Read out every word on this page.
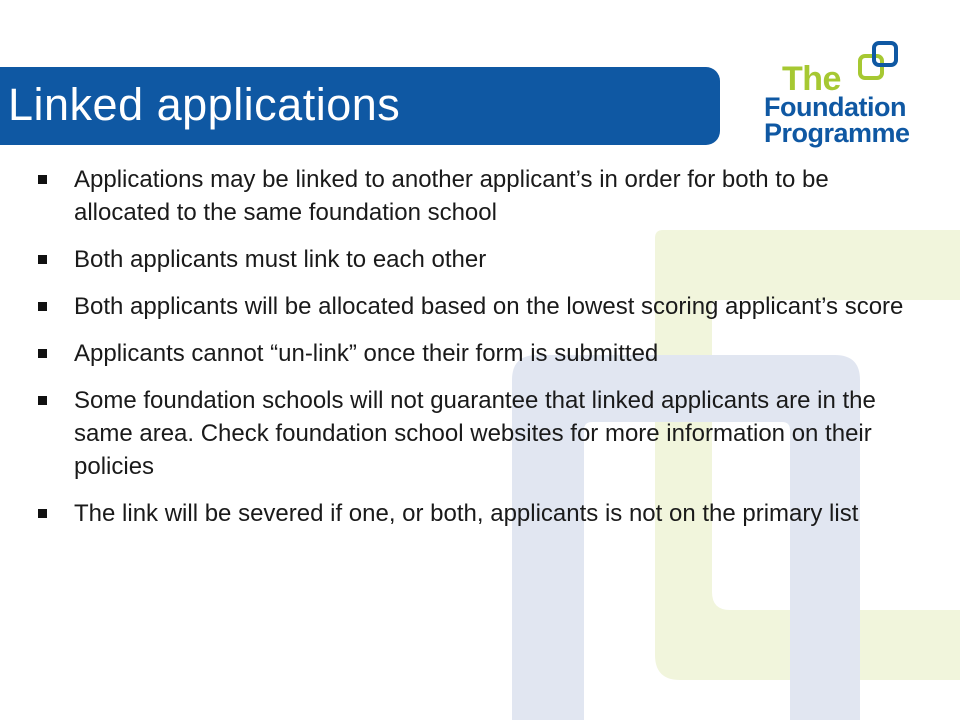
Linked applications	The
Foundation
Programme
Applications may be linked to another applicant’s in order for both to be allocated to the same foundation school
Both applicants must link to each other
Both applicants will be allocated based on the lowest scoring applicant’s score
Applicants cannot “un-link” once their form is submitted
Some foundation schools will not guarantee that linked applicants are in the same area. Check foundation school websites for more information on their policies
The link will be severed if one, or both, applicants is not on the primary list
